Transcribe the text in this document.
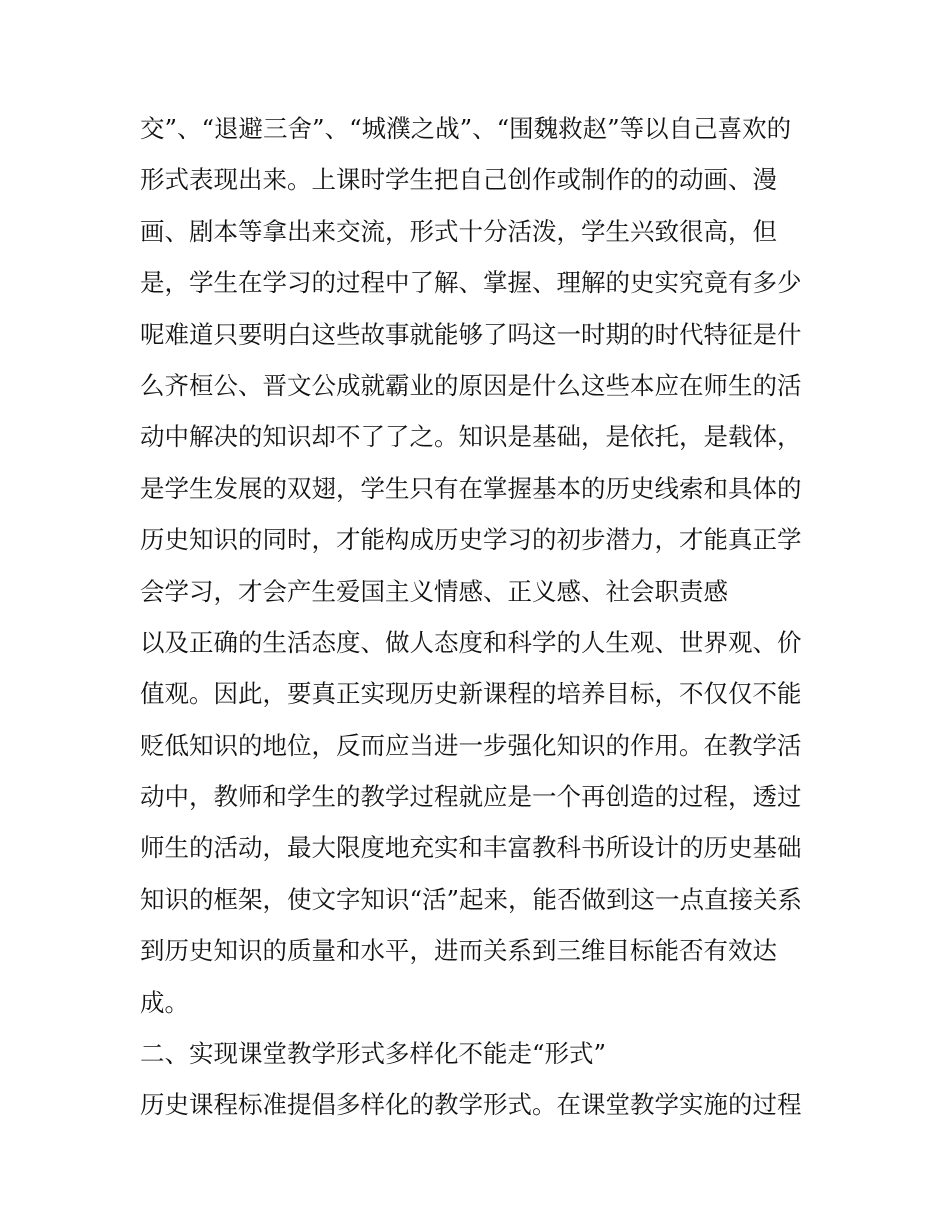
交”、“退避三舍”、“城濮之战”、“围魏救赵”等以自己喜欢的
形式表现出来。上课时学生把自己创作或制作的的动画、漫
画、剧本等拿出来交流，形式十分活泼，学生兴致很高，但
是，学生在学习的过程中了解、掌握、理解的史实究竟有多少
呢难道只要明白这些故事就能够了吗这一时期的时代特征是什
么齐桓公、晋文公成就霸业的原因是什么这些本应在师生的活
动中解决的知识却不了了之。知识是基础，是依托，是载体，
是学生发展的双翅，学生只有在掌握基本的历史线索和具体的
历史知识的同时，才能构成历史学习的初步潜力，才能真正学
会学习，才会产生爱国主义情感、正义感、社会职责感
以及正确的生活态度、做人态度和科学的人生观、世界观、价
值观。因此，要真正实现历史新课程的培养目标，不仅仅不能
贬低知识的地位，反而应当进一步强化知识的作用。在教学活
动中，教师和学生的教学过程就应是一个再创造的过程，透过
师生的活动，最大限度地充实和丰富教科书所设计的历史基础
知识的框架，使文字知识“活”起来，能否做到这一点直接关系
到历史知识的质量和水平，进而关系到三维目标能否有效达
成。
二、实现课堂教学形式多样化不能走“形式”
历史课程标准提倡多样化的教学形式。在课堂教学实施的过程
